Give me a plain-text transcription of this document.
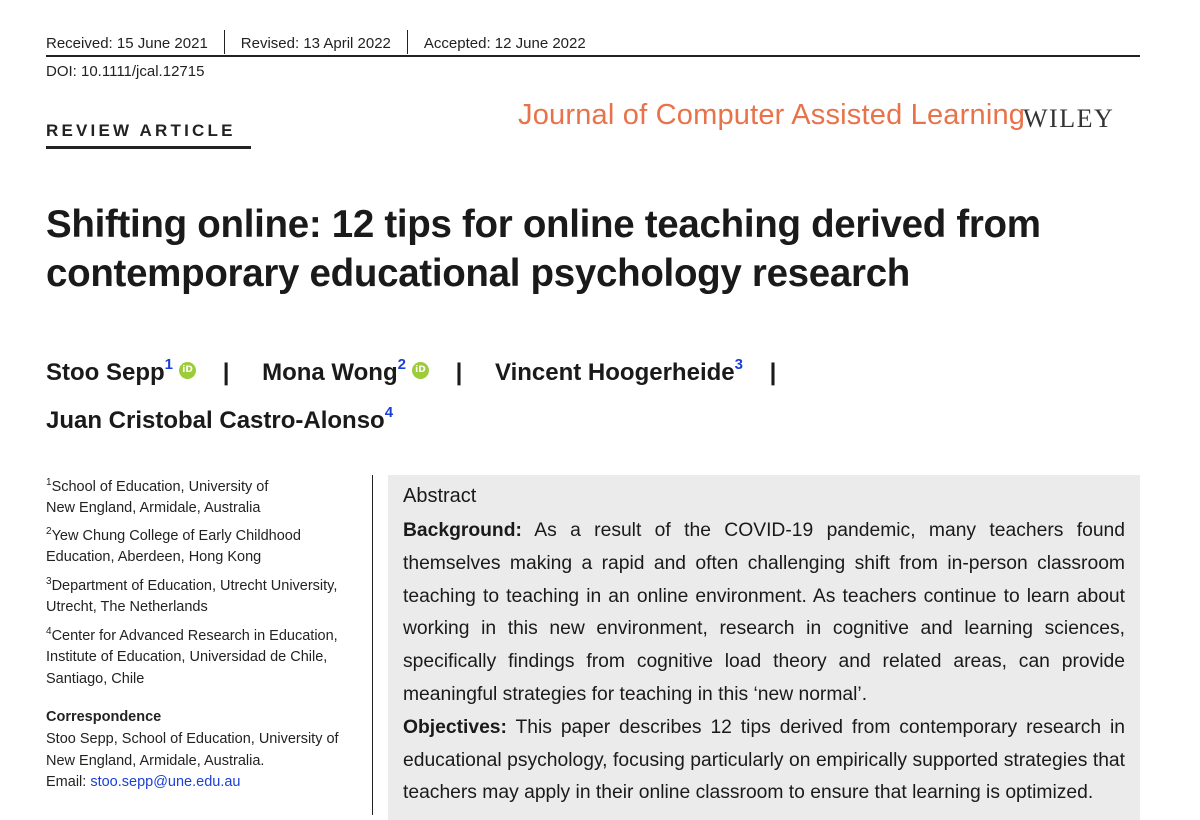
Received: 15 June 2021 Revised: 13 April 2022 Accepted: 12 June 2022
DOI: 10.1111/jcal.12715
REVIEW ARTICLE	Journal of Computer Assisted Learning
WILEY
Shifting online: 12 tips for online teaching derived from
contemporary educational psychology research
Stoo Sepp$^1$ iD | Mona Wong$^2$ iD | Vincent Hoogerheide$^3$ |
Juan Cristobal Castro-Alonso$^4$
$^1$School of Education, University of
New England, Armidale, Australia
$^2$Yew Chung College of Early Childhood
Education, Aberdeen, Hong Kong
$^3$Department of Education, Utrecht University,
Utrecht, The Netherlands
$^4$Center for Advanced Research in Education,
Institute of Education, Universidad de Chile,
Santiago, Chile
Correspondence
Stoo Sepp, School of Education, University of
New England, Armidale, Australia.
Email: stoo.sepp@une.edu.au
Abstract
Background: As a result of the COVID-19 pandemic, many teachers found themselves making a rapid and often challenging shift from in-person classroom teaching to teaching in an online environment. As teachers continue to learn about working in this new environment, research in cognitive and learning sciences, specifically findings from cognitive load theory and related areas, can provide meaningful strategies for teaching in this ‘new normal’.
Objectives: This paper describes 12 tips derived from contemporary research in educational psychology, focusing particularly on empirically supported strategies that teachers may apply in their online classroom to ensure that learning is optimized.
